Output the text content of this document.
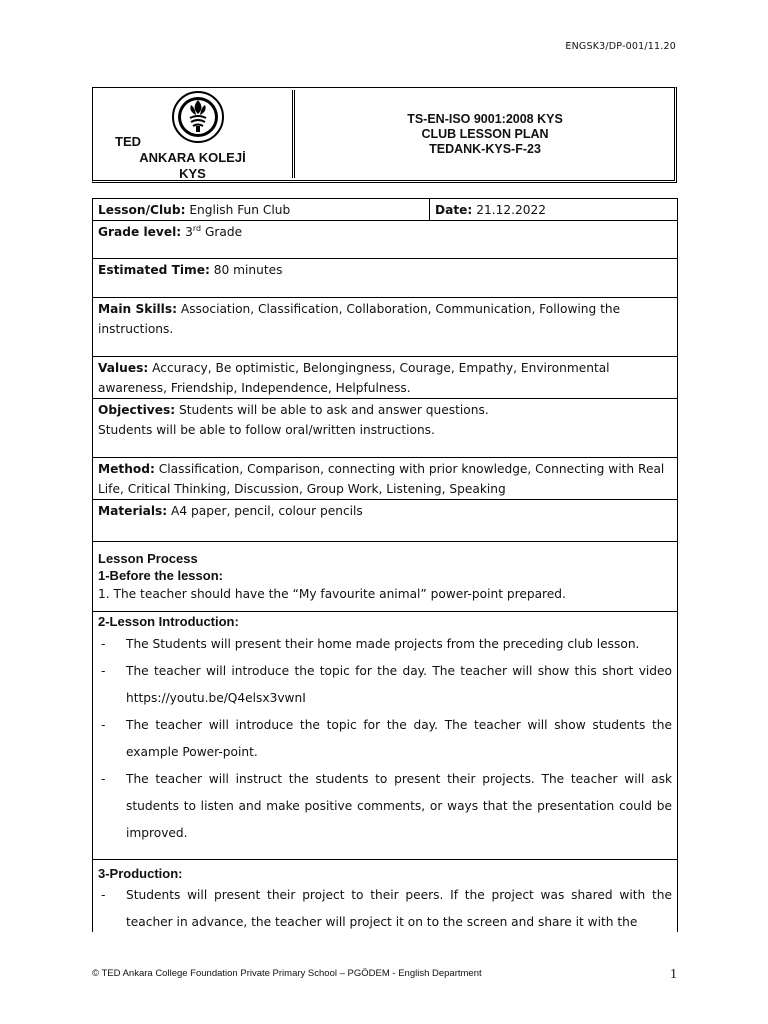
ENGSK3/DP-001/11.20
TED
ANKARA KOLEJİ
KYS
TS-EN-ISO 9001:2008 KYS
CLUB LESSON PLAN
TEDANK-KYS-F-23
Lesson/Club: English Fun Club	Date: 21.12.2022
Grade level: 3rd Grade
Estimated Time: 80 minutes
Main Skills: Association, Classification, Collaboration, Communication, Following the instructions.
Values: Accuracy, Be optimistic, Belongingness, Courage, Empathy, Environmental awareness, Friendship, Independence, Helpfulness.
Objectives: Students will be able to ask and answer questions.
Students will be able to follow oral/written instructions.
Method: Classification, Comparison, connecting with prior knowledge, Connecting with Real Life, Critical Thinking, Discussion, Group Work, Listening, Speaking
Materials: A4 paper, pencil, colour pencils

Lesson Process
1-Before the lesson:
1. The teacher should have the “My favourite animal” power-point prepared.

2-Lesson Introduction:
- The Students will present their home made projects from the preceding club lesson.
- The teacher will introduce the topic for the day. The teacher will show this short video https://youtu.be/Q4elsx3vwnI
- The teacher will introduce the topic for the day. The teacher will show students the example Power-point.
- The teacher will instruct the students to present their projects. The teacher will ask students to listen and make positive comments, or ways that the presentation could be improved.

3-Production:
- Students will present their project to their peers. If the project was shared with the teacher in advance, the teacher will project it on to the screen and share it with the
© TED Ankara College Foundation Private Primary School – PGÖDEM - English Department	1
